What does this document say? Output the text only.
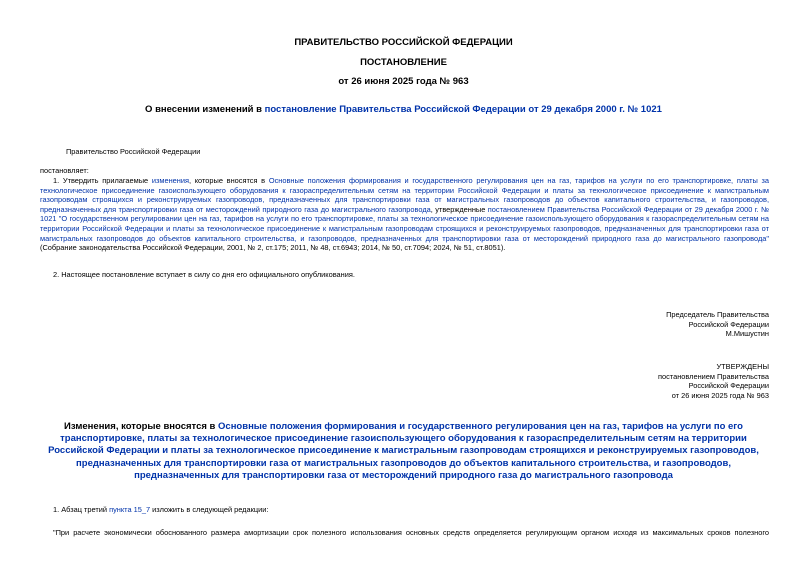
ПРАВИТЕЛЬСТВО РОССИЙСКОЙ ФЕДЕРАЦИИ
ПОСТАНОВЛЕНИЕ
от 26 июня 2025 года № 963
О внесении изменений в постановление Правительства Российской Федерации от 29 декабря 2000 г. № 1021
Правительство Российской Федерации
постановляет:
1. Утвердить прилагаемые изменения, которые вносятся в Основные положения формирования и государственного регулирования цен на газ, тарифов на услуги по его транспортировке, платы за технологическое присоединение газоиспользующего оборудования к газораспределительным сетям на территории Российской Федерации и платы за технологическое присоединение к магистральным газопроводам строящихся и реконструируемых газопроводов, предназначенных для транспортировки газа от магистральных газопроводов до объектов капитального строительства, и газопроводов, предназначенных для транспортировки газа от месторождений природного газа до магистрального газопровода, утвержденные постановлением Правительства Российской Федерации от 29 декабря 2000 г. № 1021 "О государственном регулировании цен на газ, тарифов на услуги по его транспортировке, платы за технологическое присоединение газоиспользующего оборудования к газораспределительным сетям на территории Российской Федерации и платы за технологическое присоединение к магистральным газопроводам строящихся и реконструируемых газопроводов, предназначенных для транспортировки газа от магистральных газопроводов до объектов капитального строительства, и газопроводов, предназначенных для транспортировки газа от месторождений природного газа до магистрального газопровода" (Собрание законодательства Российской Федерации, 2001, № 2, ст.175; 2011, № 48, ст.6943; 2014, № 50, ст.7094; 2024, № 51, ст.8051).
2. Настоящее постановление вступает в силу со дня его официального опубликования.
Председатель Правительства
Российской Федерации
М.Мишустин
УТВЕРЖДЕНЫ
постановлением Правительства
Российской Федерации
от 26 июня 2025 года № 963
Изменения, которые вносятся в Основные положения формирования и государственного регулирования цен на газ, тарифов на услуги по его транспортировке, платы за технологическое присоединение газоиспользующего оборудования к газораспределительным сетям на территории Российской Федерации и платы за технологическое присоединение к магистральным газопроводам строящихся и реконструируемых газопроводов, предназначенных для транспортировки газа от магистральных газопроводов до объектов капитального строительства, и газопроводов, предназначенных для транспортировки газа от месторождений природного газа до магистрального газопровода
1. Абзац третий пункта 15_7 изложить в следующей редакции:
"При расчете экономически обоснованного размера амортизации срок полезного использования основных средств определяется регулирующим органом исходя из максимальных сроков полезного
